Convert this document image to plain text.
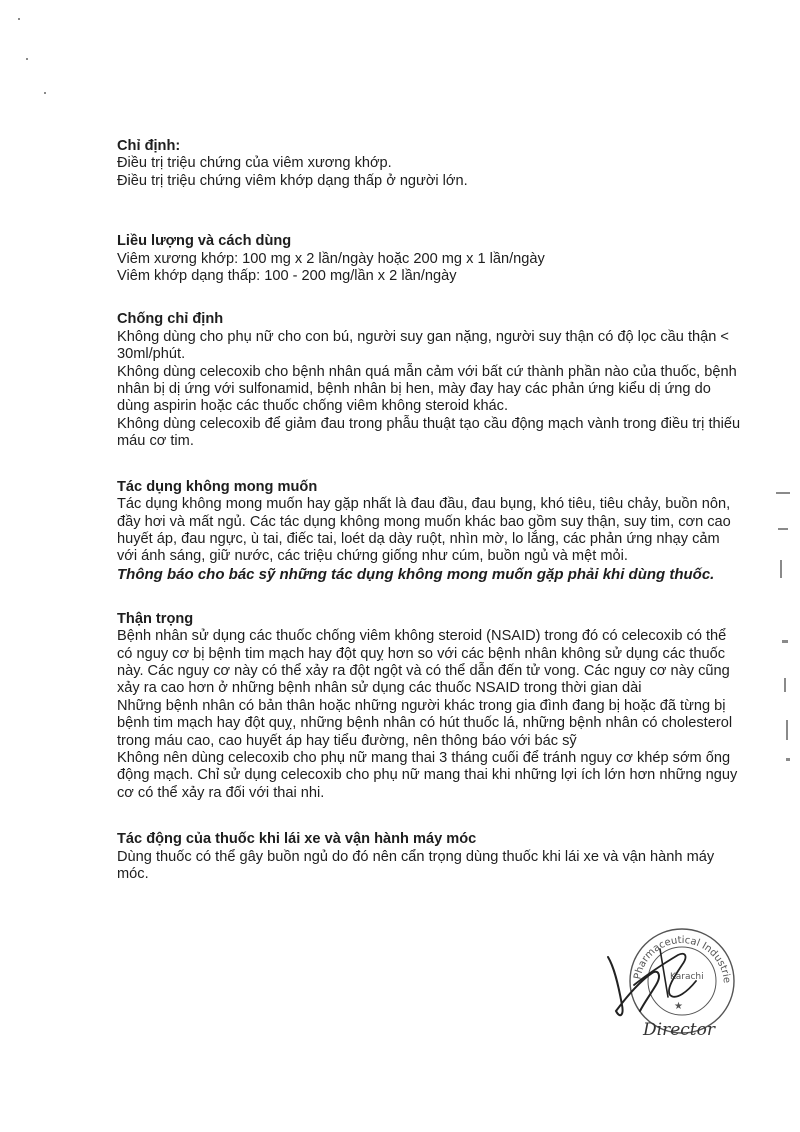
Chỉ định:

Điều trị triệu chứng của viêm xương khớp.

Điều trị triệu chứng viêm khớp dạng thấp ở người lớn.

Liều lượng và cách dùng

Viêm xương khớp: 100 mg x 2 lần/ngày hoặc 200 mg x 1 lần/ngày

Viêm khớp dạng thấp: 100 - 200 mg/lần x 2 lần/ngày

Chống chỉ định

Không dùng cho phụ nữ cho con bú, người suy gan nặng, người suy thận có độ lọc cầu thận < 30ml/phút.

Không dùng celecoxib cho bệnh nhân quá mẫn cảm với bất cứ thành phần nào của thuốc, bệnh nhân bị dị ứng với sulfonamid, bệnh nhân bị hen, mày đay hay các phản ứng kiểu dị ứng do dùng aspirin hoặc các thuốc chống viêm không steroid khác.

Không dùng celecoxib để giảm đau trong phẫu thuật tạo cầu động mạch vành trong điều trị thiếu máu cơ tim.

Tác dụng không mong muốn

Tác dụng không mong muốn hay gặp nhất là đau đầu, đau bụng, khó tiêu, tiêu chảy, buồn nôn, đầy hơi và mất ngủ. Các tác dụng không mong muốn khác bao gồm suy thận, suy tim, cơn cao huyết áp, đau ngực, ù tai, điếc tai, loét dạ dày ruột, nhìn mờ, lo lắng, các phản ứng nhạy cảm với ánh sáng, giữ nước, các triệu chứng giống như cúm, buồn ngủ và mệt mỏi.

Thông báo cho bác sỹ những tác dụng không mong muốn gặp phải khi dùng thuốc.

Thận trọng

Bệnh nhân sử dụng các thuốc chống viêm không steroid (NSAID) trong đó có celecoxib có thể có nguy cơ bị bệnh tim mạch hay đột quỵ hơn so với các bệnh nhân không sử dụng các thuốc này. Các nguy cơ này có thể xảy ra đột ngột và có thể dẫn đến tử vong. Các nguy cơ này cũng xảy ra cao hơn ở những bệnh nhân sử dụng các thuốc NSAID trong thời gian dài

Những bệnh nhân có bản thân hoặc những người khác trong gia đình đang bị hoặc đã từng bị bệnh tim mạch hay đột quỵ, những bệnh nhân có hút thuốc lá, những bệnh nhân có cholesterol trong máu cao, cao huyết áp hay tiểu đường, nên thông báo với bác sỹ

Không nên dùng celecoxib cho phụ nữ mang thai 3 tháng cuối để tránh nguy cơ khép sớm ống động mạch. Chỉ sử dụng celecoxib cho phụ nữ mang thai khi những lợi ích lớn hơn những nguy cơ có thể xảy ra đối với thai nhi.

Tác động của thuốc khi lái xe và vận hành máy móc

Dùng thuốc có thể gây buồn ngủ do đó nên cẩn trọng dùng thuốc khi lái xe và vận hành máy móc.

Pharmaceutical Industrie
Karachi
★
Director
